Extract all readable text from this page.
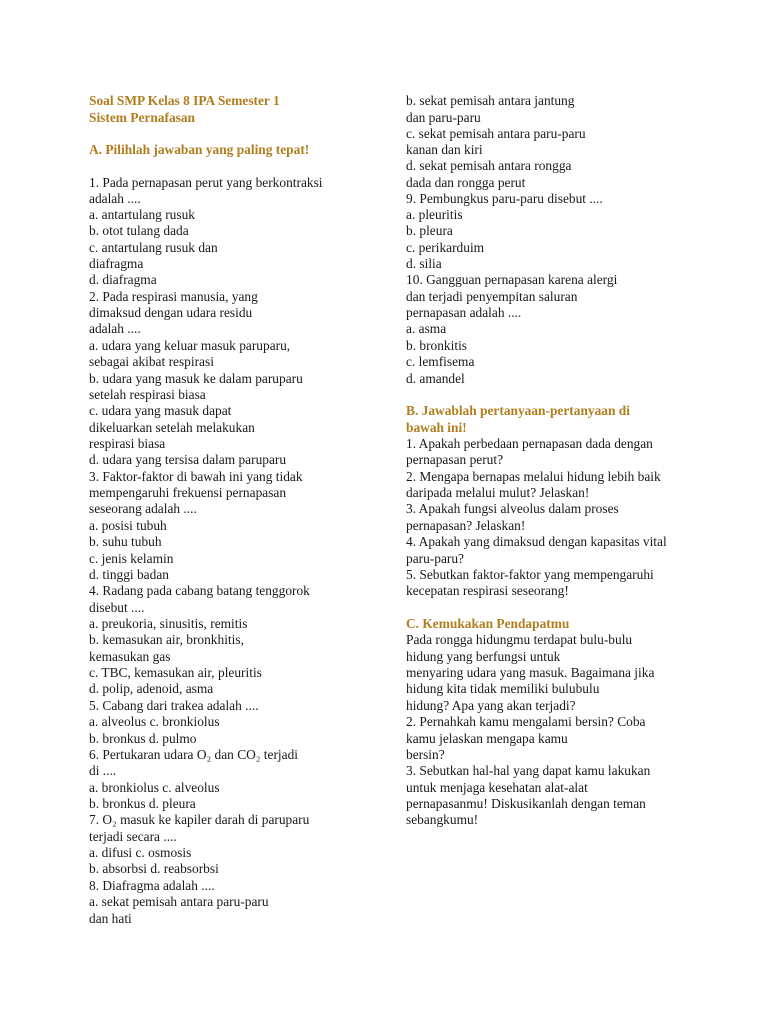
Soal SMP Kelas 8 IPA Semester 1
Sistem Pernafasan
A. Pilihlah jawaban yang paling tepat!
1. Pada pernapasan perut yang berkontraksi
adalah ....
a. antartulang rusuk
b. otot tulang dada
c. antartulang rusuk dan
diafragma
d. diafragma
2. Pada respirasi manusia, yang
dimaksud dengan udara residu
adalah ....
a. udara yang keluar masuk paruparu,
sebagai akibat respirasi
b. udara yang masuk ke dalam paruparu
setelah respirasi biasa
c. udara yang masuk dapat
dikeluarkan setelah melakukan
respirasi biasa
d. udara yang tersisa dalam paruparu
3. Faktor-faktor di bawah ini yang tidak
mempengaruhi frekuensi pernapasan
seseorang adalah ....
a. posisi tubuh
b. suhu tubuh
c. jenis kelamin
d. tinggi badan
4. Radang pada cabang batang tenggorok
disebut ....
a. preukoria, sinusitis, remitis
b. kemasukan air, bronkhitis,
kemasukan gas
c. TBC, kemasukan air, pleuritis
d. polip, adenoid, asma
5. Cabang dari trakea adalah ....
a. alveolus c. bronkiolus
b. bronkus d. pulmo
6. Pertukaran udara O₂ dan CO₂ terjadi
di ....
a. bronkiolus c. alveolus
b. bronkus d. pleura
7. O₂ masuk ke kapiler darah di paruparu
terjadi secara ....
a. difusi c. osmosis
b. absorbsi d. reabsorbsi
8. Diafragma adalah ....
a. sekat pemisah antara paru-paru
dan hati
b. sekat pemisah antara jantung
dan paru-paru
c. sekat pemisah antara paru-paru
kanan dan kiri
d. sekat pemisah antara rongga
dada dan rongga perut
9. Pembungkus paru-paru disebut ....
a. pleuritis
b. pleura
c. perikarduim
d. silia
10. Gangguan pernapasan karena alergi
dan terjadi penyempitan saluran
pernapasan adalah ....
a. asma
b. bronkitis
c. lemfisema
d. amandel
B. Jawablah pertanyaan-pertanyaan di
bawah ini!
1. Apakah perbedaan pernapasan dada dengan
pernapasan perut?
2. Mengapa bernapas melalui hidung lebih baik
daripada melalui mulut? Jelaskan!
3. Apakah fungsi alveolus dalam proses
pernapasan? Jelaskan!
4. Apakah yang dimaksud dengan kapasitas vital
paru-paru?
5. Sebutkan faktor-faktor yang mempengaruhi
kecepatan respirasi seseorang!
C. Kemukakan Pendapatmu
Pada rongga hidungmu terdapat bulu-bulu
hidung yang berfungsi untuk
menyaring udara yang masuk. Bagaimana jika
hidung kita tidak memiliki bulubulu
hidung? Apa yang akan terjadi?
2. Pernahkah kamu mengalami bersin? Coba
kamu jelaskan mengapa kamu
bersin?
3. Sebutkan hal-hal yang dapat kamu lakukan
untuk menjaga kesehatan alat-alat
pernapasanmu! Diskusikanlah dengan teman
sebangkumu!
